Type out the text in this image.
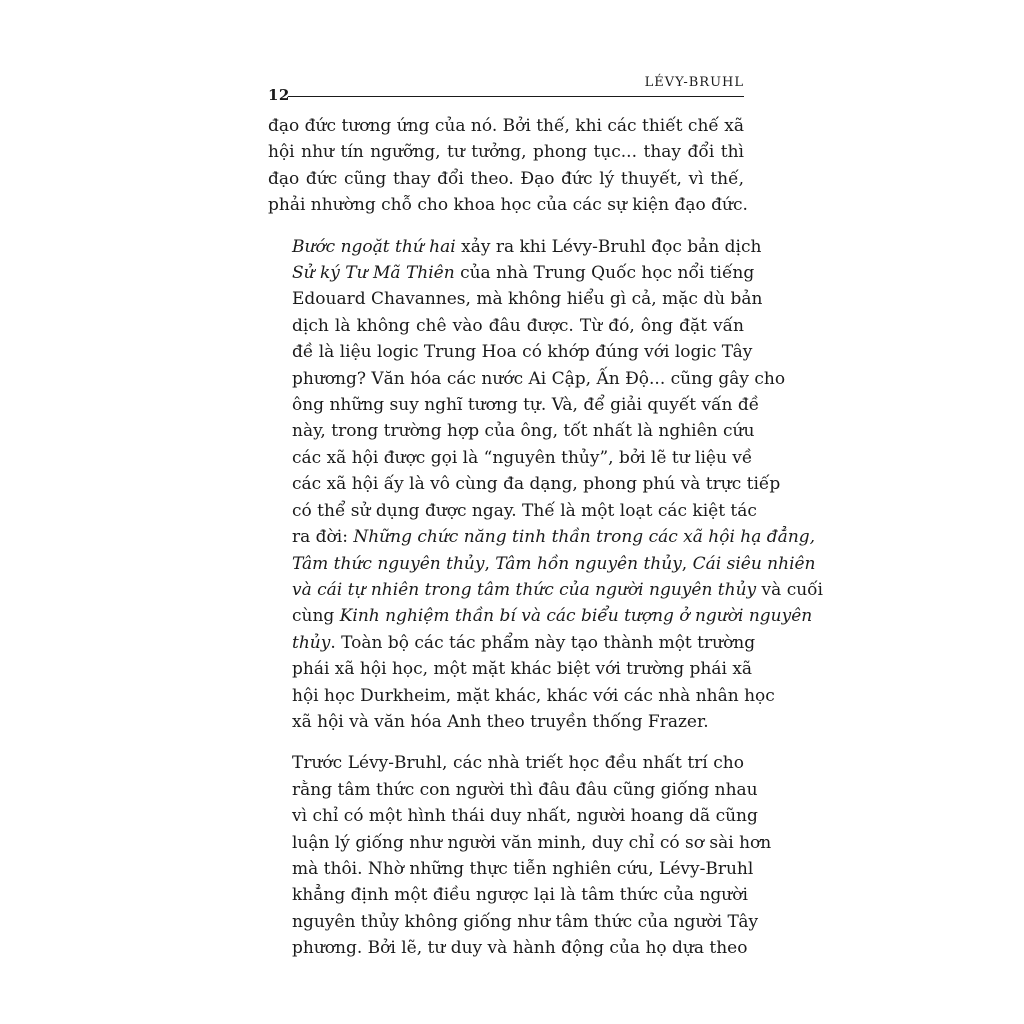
12
LÉVY-BRUHL
đạo đức tương ứng của nó. Bởi thế, khi các thiết chế xã
hội như tín ngưỡng, tư tưởng, phong tục... thay đổi thì
đạo đức cũng thay đổi theo. Đạo đức lý thuyết, vì thế,
phải nhường chỗ cho khoa học của các sự kiện đạo đức.
Bước ngoặt thứ hai xảy ra khi Lévy-Bruhl đọc bản dịch
Sử ký Tư Mã Thiên của nhà Trung Quốc học nổi tiếng
Edouard Chavannes, mà không hiểu gì cả, mặc dù bản
dịch là không chê vào đâu được. Từ đó, ông đặt vấn
đề là liệu logic Trung Hoa có khớp đúng với logic Tây
phương? Văn hóa các nước Ai Cập, Ấn Độ... cũng gây cho
ông những suy nghĩ tương tự. Và, để giải quyết vấn đề
này, trong trường hợp của ông, tốt nhất là nghiên cứu
các xã hội được gọi là “nguyên thủy”, bởi lẽ tư liệu về
các xã hội ấy là vô cùng đa dạng, phong phú và trực tiếp
có thể sử dụng được ngay. Thế là một loạt các kiệt tác
ra đời: Những chức năng tinh thần trong các xã hội hạ đẳng,
Tâm thức nguyên thủy, Tâm hồn nguyên thủy, Cái siêu nhiên
và cái tự nhiên trong tâm thức của người nguyên thủy và cuối
cùng Kinh nghiệm thần bí và các biểu tượng ở người nguyên
thủy. Toàn bộ các tác phẩm này tạo thành một trường
phái xã hội học, một mặt khác biệt với trường phái xã
hội học Durkheim, mặt khác, khác với các nhà nhân học
xã hội và văn hóa Anh theo truyền thống Frazer.
Trước Lévy-Bruhl, các nhà triết học đều nhất trí cho
rằng tâm thức con người thì đâu đâu cũng giống nhau
vì chỉ có một hình thái duy nhất, người hoang dã cũng
luận lý giống như người văn minh, duy chỉ có sơ sài hơn
mà thôi. Nhờ những thực tiễn nghiên cứu, Lévy-Bruhl
khẳng định một điều ngược lại là tâm thức của người
nguyên thủy không giống như tâm thức của người Tây
phương. Bởi lẽ, tư duy và hành động của họ dựa theo
